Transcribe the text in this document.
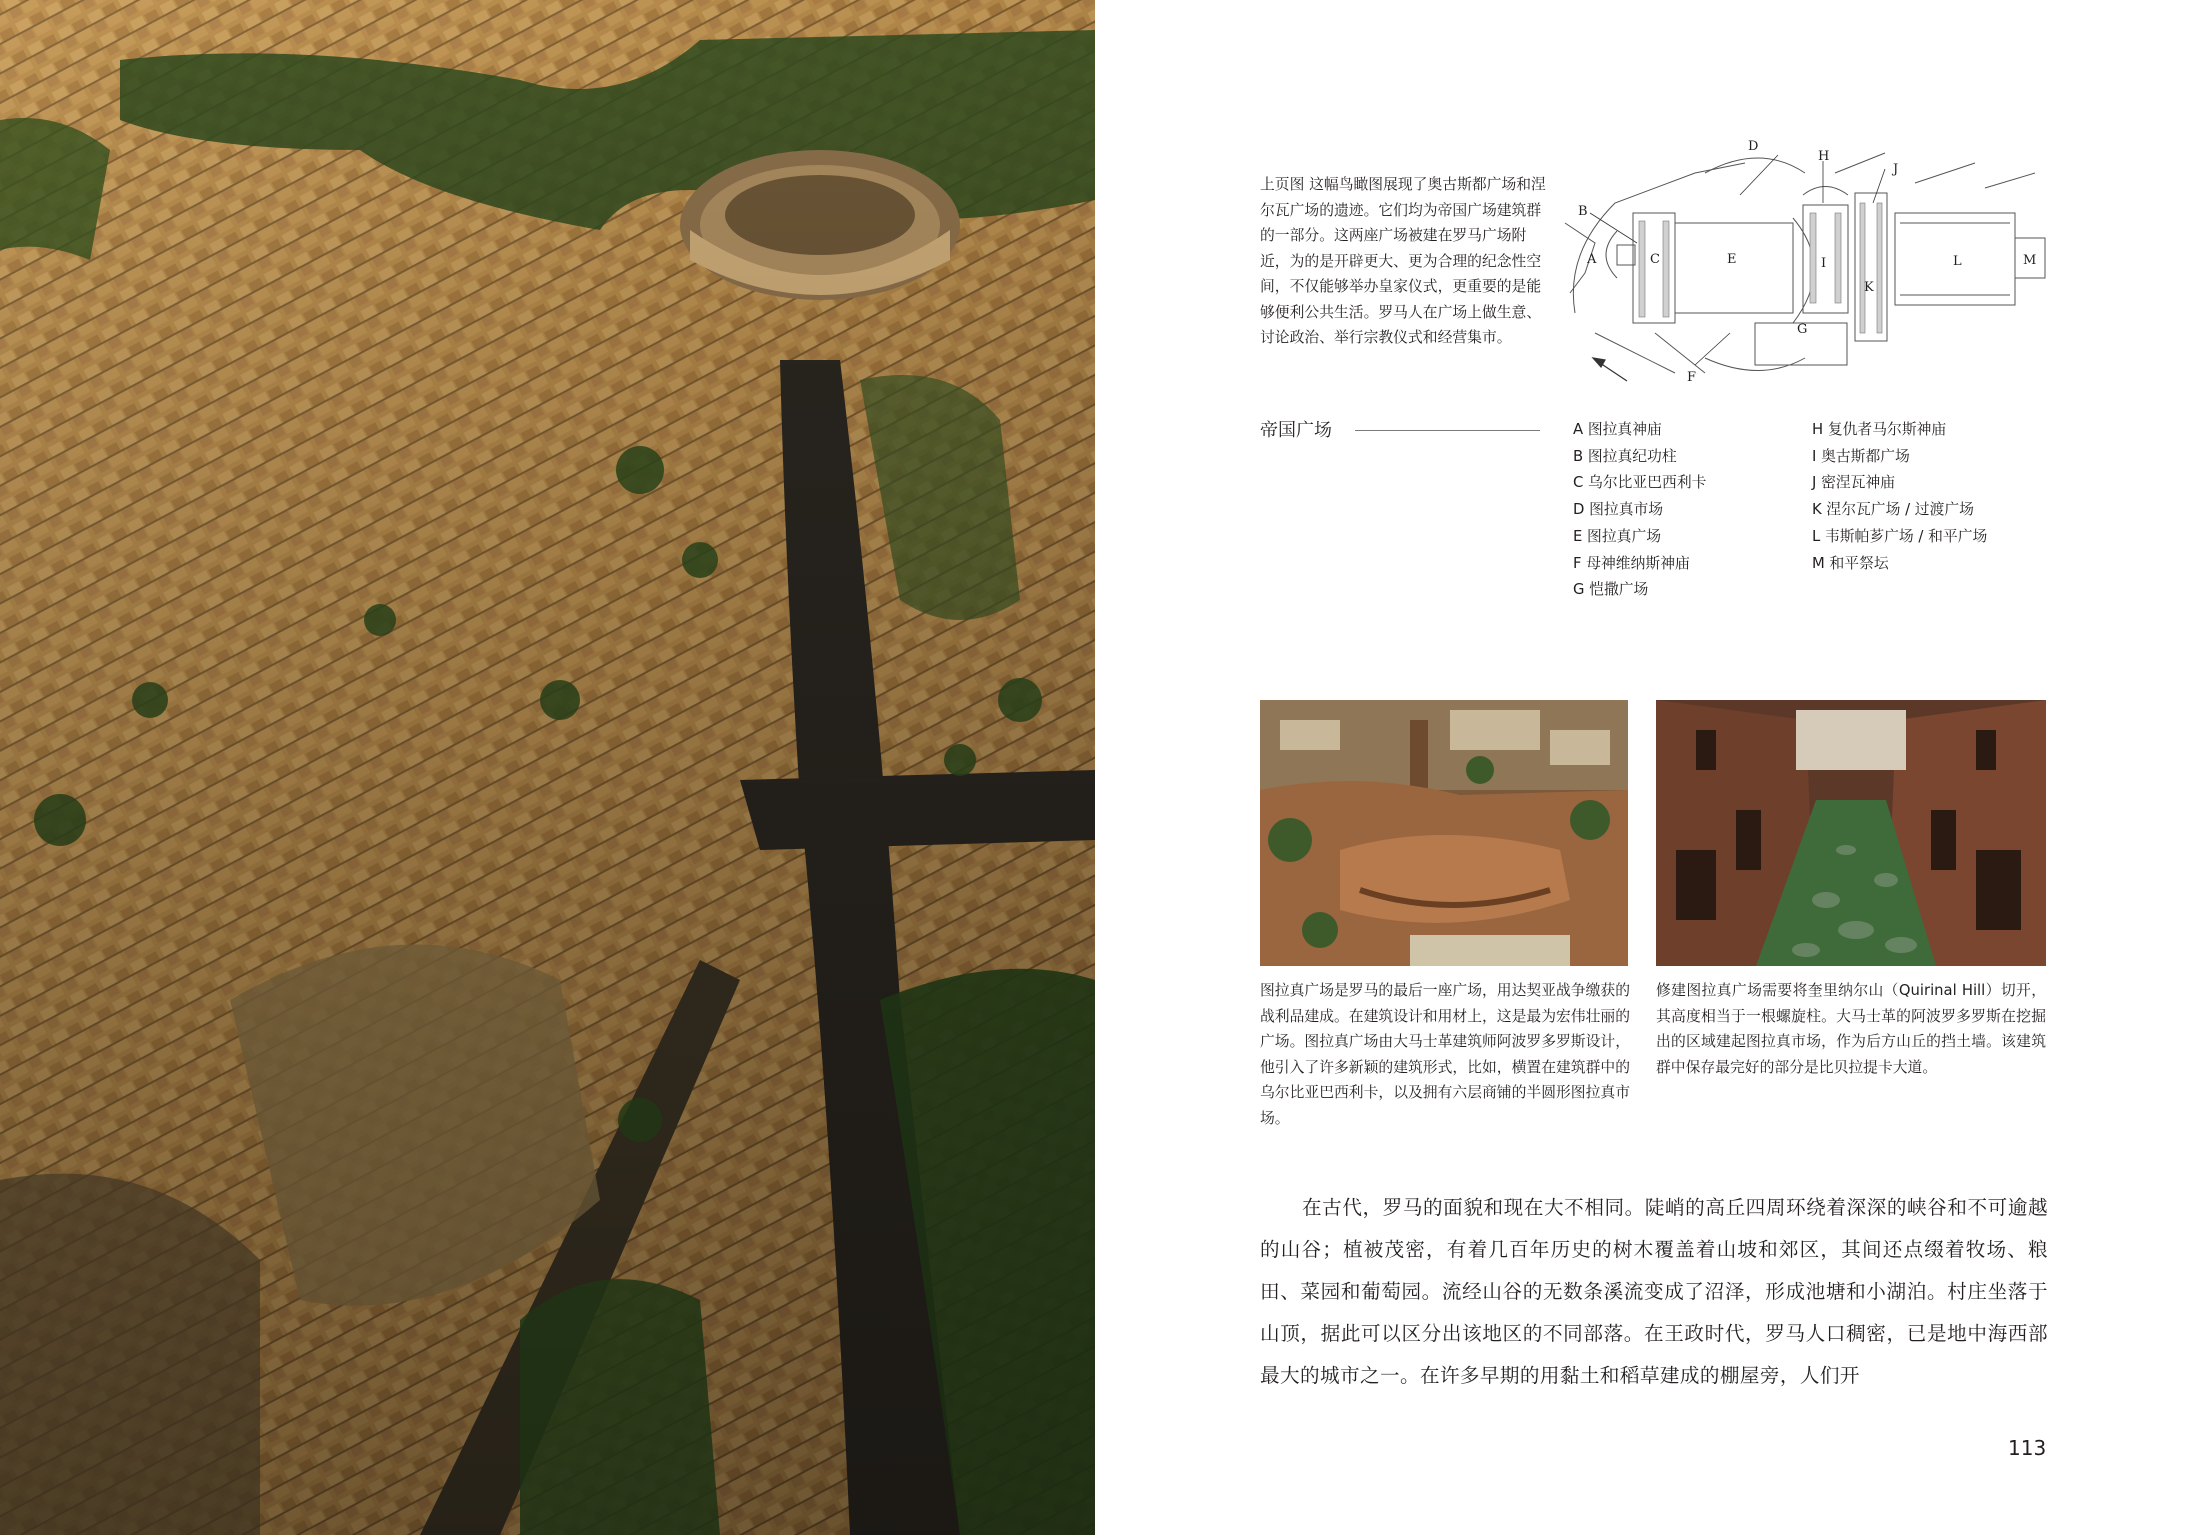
上页图 这幅鸟瞰图展现了奥古斯都广场和涅尔瓦广场的遗迹。它们均为帝国广场建筑群的一部分。这两座广场被建在罗马广场附近，为的是开辟更大、更为合理的纪念性空间，不仅能够举办皇家仪式，更重要的是能够便利公共生活。罗马人在广场上做生意、讨论政治、举行宗教仪式和经营集市。
D
H
J
B
A	C	E	I
K
L	M
G
F
帝国广场	A 图拉真神庙
B 图拉真纪功柱
C 乌尔比亚巴西利卡
D 图拉真市场
E 图拉真广场
F 母神维纳斯神庙
G 恺撒广场
H 复仇者马尔斯神庙
I 奥古斯都广场
J 密涅瓦神庙
K 涅尔瓦广场 / 过渡广场
L 韦斯帕芗广场 / 和平广场
M 和平祭坛
图拉真广场是罗马的最后一座广场，用达契亚战争缴获的战利品建成。在建筑设计和用材上，这是最为宏伟壮丽的广场。图拉真广场由大马士革建筑师阿波罗多罗斯设计，他引入了许多新颖的建筑形式，比如，横置在建筑群中的乌尔比亚巴西利卡，以及拥有六层商铺的半圆形图拉真市场。
修建图拉真广场需要将奎里纳尔山（Quirinal Hill）切开，其高度相当于一根螺旋柱。大马士革的阿波罗多罗斯在挖掘出的区域建起图拉真市场，作为后方山丘的挡土墙。该建筑群中保存最完好的部分是比贝拉提卡大道。
在古代，罗马的面貌和现在大不相同。陡峭的高丘四周环绕着深深的峡谷和不可逾越的山谷；植被茂密，有着几百年历史的树木覆盖着山坡和郊区，其间还点缀着牧场、粮田、菜园和葡萄园。流经山谷的无数条溪流变成了沼泽，形成池塘和小湖泊。村庄坐落于山顶，据此可以区分出该地区的不同部落。在王政时代，罗马人口稠密，已是地中海西部最大的城市之一。在许多早期的用黏土和稻草建成的棚屋旁，人们开
113
